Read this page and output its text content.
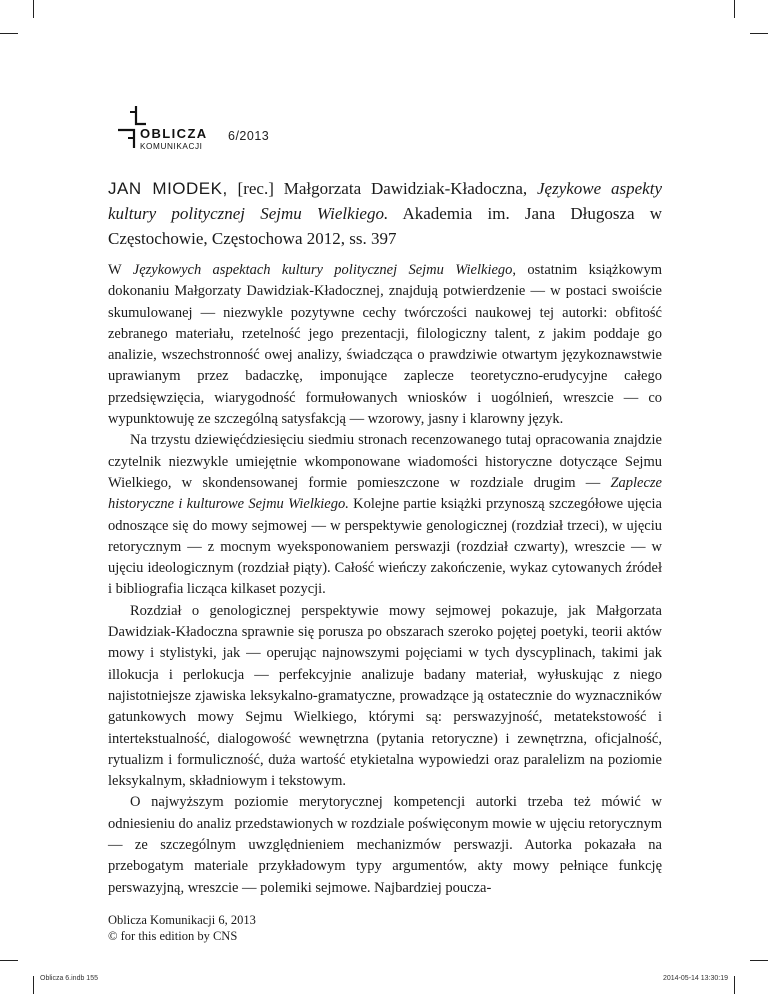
OBLICZA
KOMUNIKACJI
6/2013
JAN MIODEK, [rec.] Małgorzata Dawidziak-Kładoczna, Językowe aspekty kultury politycznej Sejmu Wielkiego. Akademia im. Jana Długosza w Częstochowie, Częstochowa 2012, ss. 397

W Językowych aspektach kultury politycznej Sejmu Wielkiego, ostatnim książkowym dokonaniu Małgorzaty Dawidziak-Kładocznej, znajdują potwierdzenie — w postaci swoiście skumulowanej — niezwykle pozytywne cechy twórczości naukowej tej autorki: obfitość zebranego materiału, rzetelność jego prezentacji, filologiczny talent, z jakim poddaje go analizie, wszechstronność owej analizy, świadcząca o prawdziwie otwartym językoznawstwie uprawianym przez badaczkę, imponujące zaplecze teoretyczno-erudycyjne całego przedsięwzięcia, wiarygodność formułowanych wniosków i uogólnień, wreszcie — co wypunktowuję ze szczególną satysfakcją — wzorowy, jasny i klarowny język.

Na trzystu dziewięćdziesięciu siedmiu stronach recenzowanego tutaj opracowania znajdzie czytelnik niezwykle umiejętnie wkomponowane wiadomości historyczne dotyczące Sejmu Wielkiego, w skondensowanej formie pomieszczone w rozdziale drugim — Zaplecze historyczne i kulturowe Sejmu Wielkiego. Kolejne partie książki przynoszą szczegółowe ujęcia odnoszące się do mowy sejmowej — w perspektywie genologicznej (rozdział trzeci), w ujęciu retorycznym — z mocnym wyeksponowaniem perswazji (rozdział czwarty), wreszcie — w ujęciu ideologicznym (rozdział piąty). Całość wieńczy zakończenie, wykaz cytowanych źródeł i bibliografia licząca kilkaset pozycji.

Rozdział o genologicznej perspektywie mowy sejmowej pokazuje, jak Małgorzata Dawidziak-Kładoczna sprawnie się porusza po obszarach szeroko pojętej poetyki, teorii aktów mowy i stylistyki, jak — operując najnowszymi pojęciami w tych dyscyplinach, takimi jak illokucja i perlokucja — perfekcyjnie analizuje badany materiał, wyłuskując z niego najistotniejsze zjawiska leksykalno-gramatyczne, prowadzące ją ostatecznie do wyznaczników gatunkowych mowy Sejmu Wielkiego, którymi są: perswazyjność, metatekstowość i intertekstualność, dialogowość wewnętrzna (pytania retoryczne) i zewnętrzna, oficjalność, rytualizm i formuliczność, duża wartość etykietalna wypowiedzi oraz paralelizm na poziomie leksykalnym, składniowym i tekstowym.

O najwyższym poziomie merytorycznej kompetencji autorki trzeba też mówić w odniesieniu do analiz przedstawionych w rozdziale poświęconym mowie w ujęciu retorycznym — ze szczególnym uwzględnieniem mechanizmów perswazji. Autorka pokazała na przebogatym materiale przykładowym typy argumentów, akty mowy pełniące funkcję perswazyjną, wreszcie — polemiki sejmowe. Najbardziej poucza-

Oblicza Komunikacji 6, 2013
© for this edition by CNS
Oblicza 6.indb 155	2014-05-14 13:30:19
